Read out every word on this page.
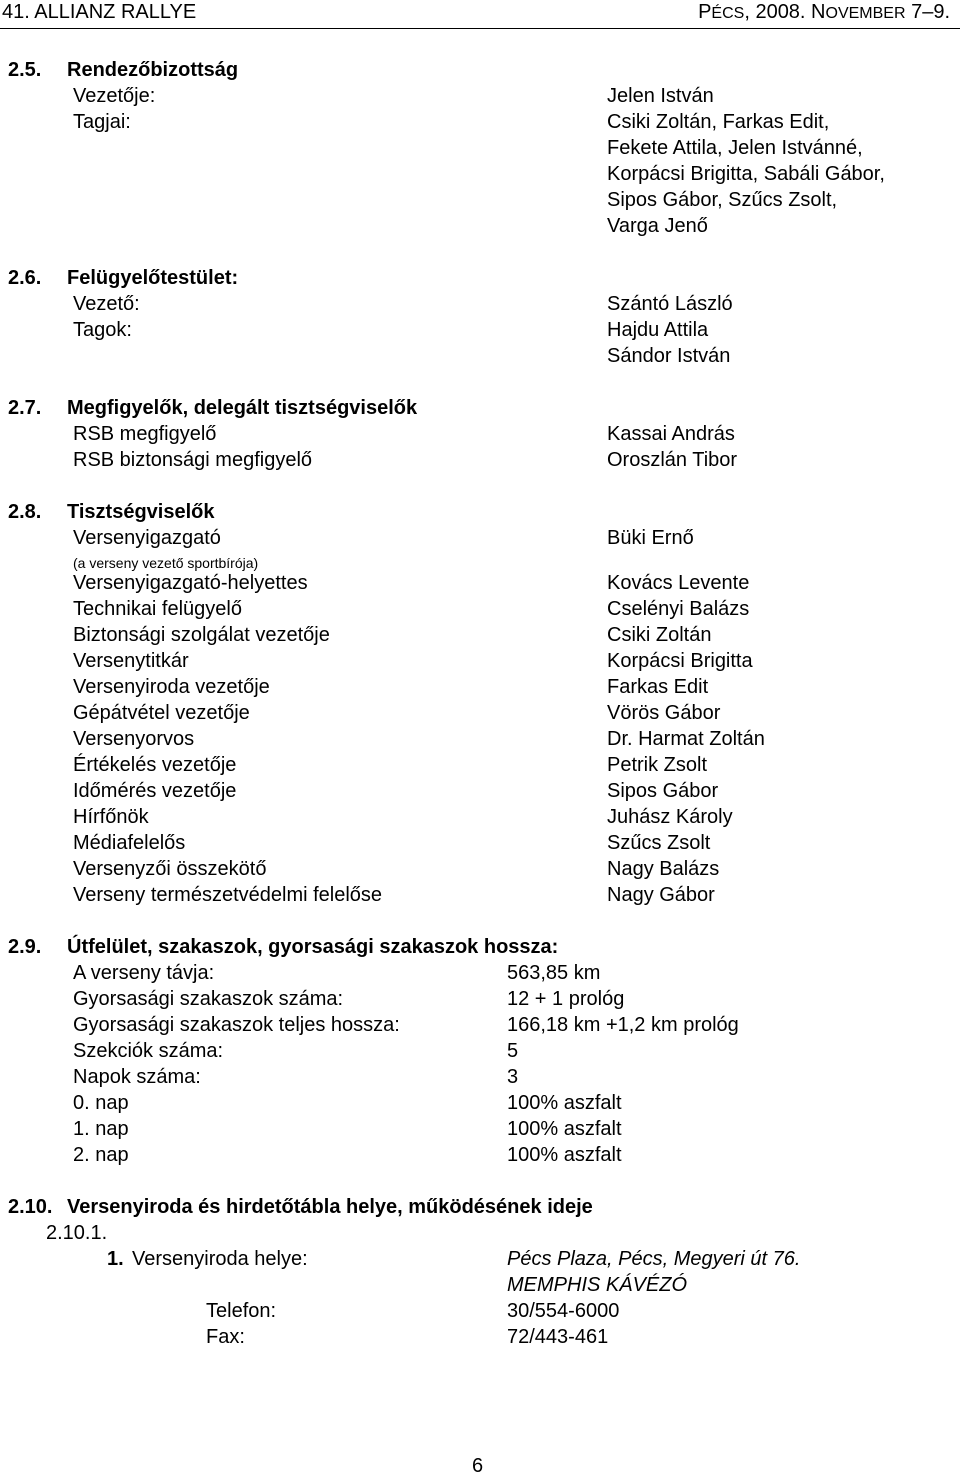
41. ALLIANZ RALLYE	PÉCS, 2008. NOVEMBER 7–9.
2.5. Rendezőbizottság
Vezetője:	Jelen István
Tagjai:	Csiki Zoltán, Farkas Edit,
Fekete Attila, Jelen Istvánné,
Korpácsi Brigitta, Sabáli Gábor,
Sipos Gábor, Szűcs Zsolt,
Varga Jenő
2.6. Felügyelőtestület:
Vezető:	Szántó László
Tagok:	Hajdu Attila
Sándor István
2.7. Megfigyelők, delegált tisztségviselők
RSB megfigyelő	Kassai András
RSB biztonsági megfigyelő	Oroszlán Tibor
2.8. Tisztségviselők
Versenyigazgató	Büki Ernő
(a verseny vezető sportbírója)
Versenyigazgató-helyettes	Kovács Levente
Technikai felügyelő	Cselényi Balázs
Biztonsági szolgálat vezetője	Csiki Zoltán
Versenytitkár	Korpácsi Brigitta
Versenyiroda vezetője	Farkas Edit
Gépátvétel vezetője	Vörös Gábor
Versenyorvos	Dr. Harmat Zoltán
Értékelés vezetője	Petrik Zsolt
Időmérés vezetője	Sipos Gábor
Hírfőnök	Juhász Károly
Médiafelelős	Szűcs Zsolt
Versenyzői összekötő	Nagy Balázs
Verseny természetvédelmi felelőse	Nagy Gábor
2.9. Útfelület, szakaszok, gyorsasági szakaszok hossza:
A verseny távja:	563,85 km
Gyorsasági szakaszok száma:	12 + 1 prológ
Gyorsasági szakaszok teljes hossza:	166,18 km +1,2 km prológ
Szekciók száma:	5
Napok száma:	3
0. nap	100% aszfalt
1. nap	100% aszfalt
2. nap	100% aszfalt
2.10. Versenyiroda és hirdetőtábla helye, működésének ideje
2.10.1.
1. Versenyiroda helye:	Pécs Plaza, Pécs, Megyeri út 76.
MEMPHIS KÁVÉZÓ
Telefon:	30/554-6000
Fax:	72/443-461
6
